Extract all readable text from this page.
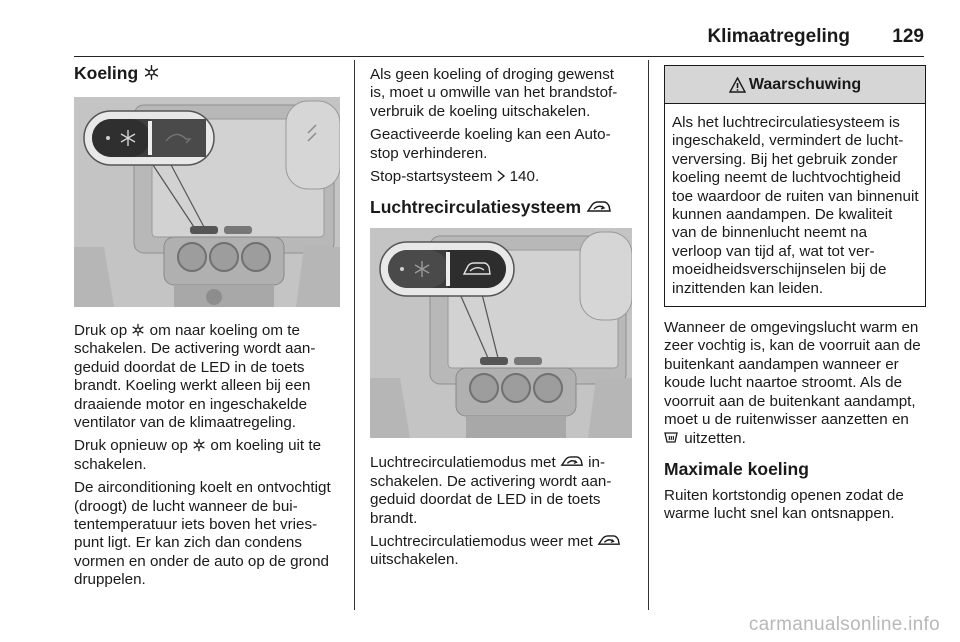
Klimaatregeling 129
Koeling

Druk op  om naar koeling om te schakelen. De activering wordt aangeduid doordat de LED in de toets brandt. Koeling werkt alleen bij een draaiende motor en ingeschakelde ventilator van de klimaatregeling.

Druk opnieuw op  om koeling uit te schakelen.

De airconditioning koelt en ontvochtigt (droogt) de lucht wanneer de buitentemperatuur iets boven het vriespunt ligt. Er kan zich dan condens vormen en onder de auto op de grond druppelen.

Als geen koeling of droging gewenst is, moet u omwille van het brandstofverbruik de koeling uitschakelen.

Geactiveerde koeling kan een Autostop verhinderen.

Stop-startsysteem 140.

Luchtrecirculatiesysteem

Luchtrecirculatiemodus met  inschakelen. De activering wordt aangeduid doordat de LED in de toets brandt.

Luchtrecirculatiemodus weer met  uitschakelen.

Waarschuwing

Als het luchtrecirculatiesysteem is ingeschakeld, vermindert de luchtverversing. Bij het gebruik zonder koeling neemt de luchtvochtigheid toe waardoor de ruiten van binnenuit kunnen aandampen. De kwaliteit van de binnenlucht neemt na verloop van tijd af, wat tot vermoeidheidsverschijnselen bij de inzittenden kan leiden.

Wanneer de omgevingslucht warm en zeer vochtig is, kan de voorruit aan de buitenkant aandampen wanneer er koude lucht naartoe stroomt. Als de voorruit aan de buitenkant aandampt, moet u de ruitenwisser aanzetten en  uitzetten.

Maximale koeling

Ruiten kortstondig openen zodat de warme lucht snel kan ontsnappen.

carmanualsonline.info
